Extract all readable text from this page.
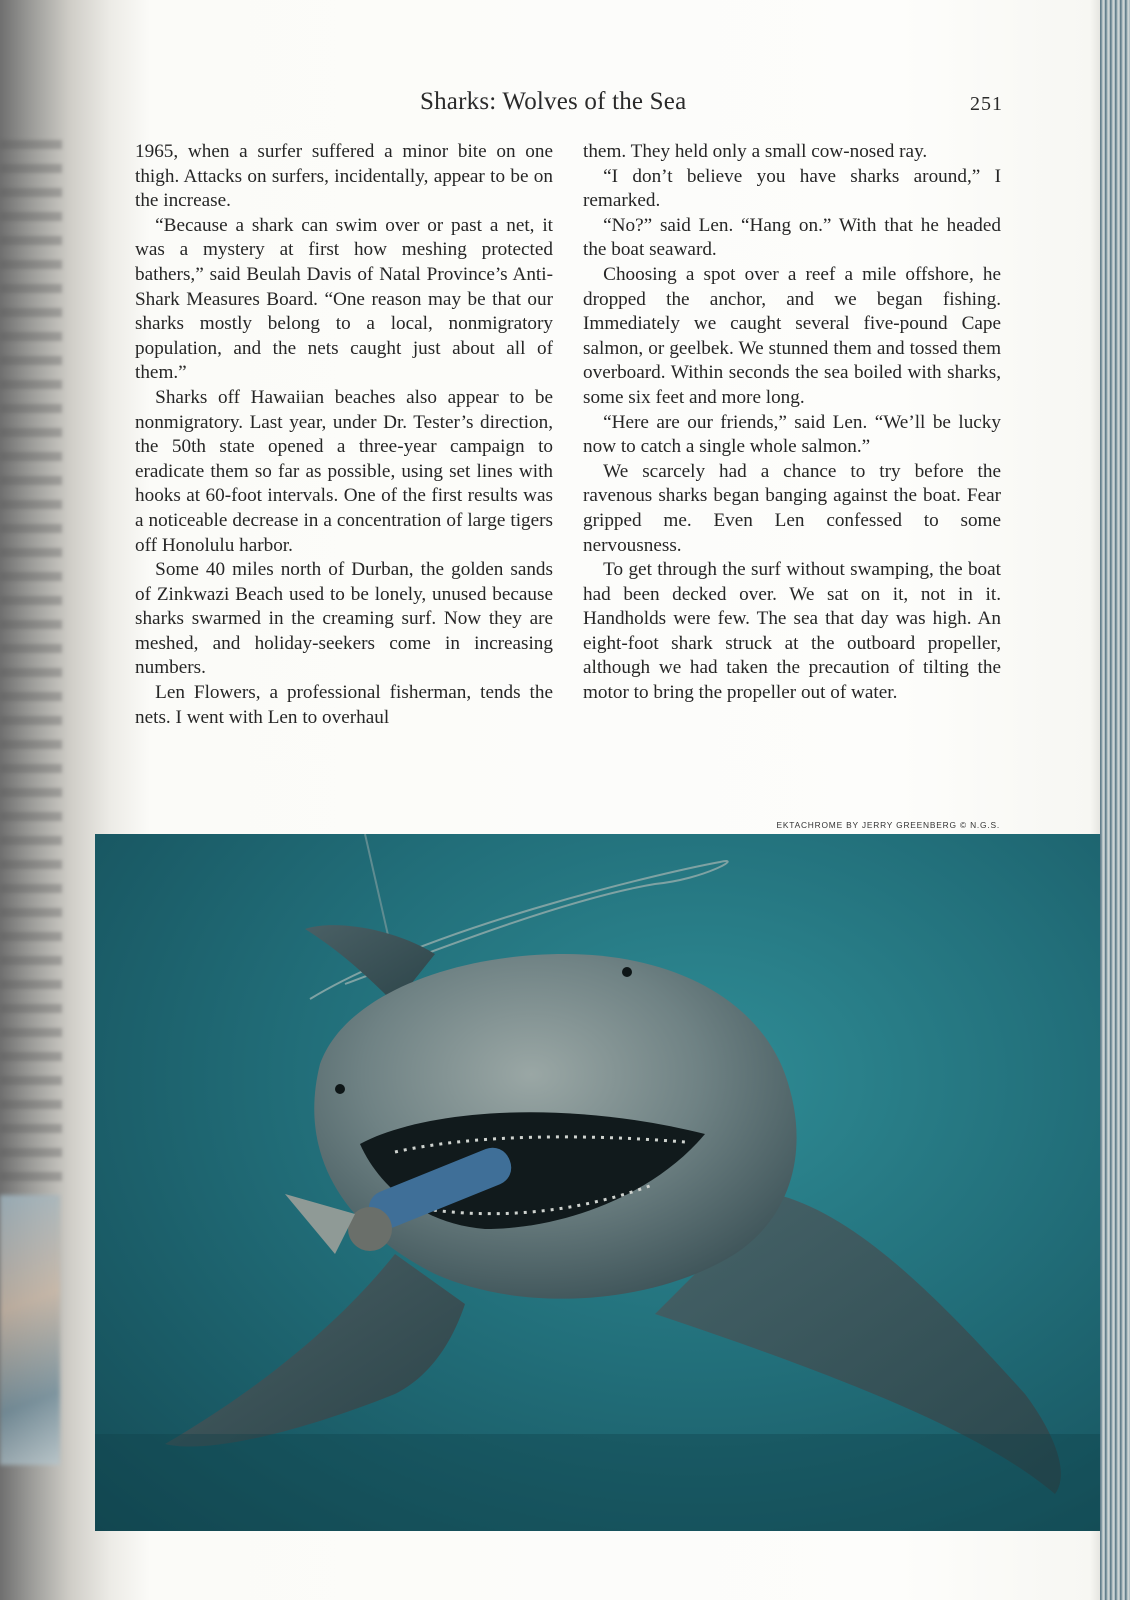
Sharks: Wolves of the Sea	251

1965, when a surfer suffered a minor bite on one thigh. Attacks on surfers, incidentally, appear to be on the increase.

“Because a shark can swim over or past a net, it was a mystery at first how meshing protected bathers,” said Beulah Davis of Natal Province’s Anti-Shark Measures Board. “One reason may be that our sharks mostly belong to a local, nonmigratory population, and the nets caught just about all of them.”

Sharks off Hawaiian beaches also appear to be nonmigratory. Last year, under Dr. Tester’s direction, the 50th state opened a three-year campaign to eradicate them so far as possible, using set lines with hooks at 60-foot intervals. One of the first results was a noticeable decrease in a concentration of large tigers off Honolulu harbor.

Some 40 miles north of Durban, the golden sands of Zinkwazi Beach used to be lonely, unused because sharks swarmed in the creaming surf. Now they are meshed, and holiday-seekers come in increasing numbers.

Len Flowers, a professional fisherman, tends the nets. I went with Len to overhaul

them. They held only a small cow-nosed ray.

“I don’t believe you have sharks around,” I remarked.

“No?” said Len. “Hang on.” With that he headed the boat seaward.

Choosing a spot over a reef a mile offshore, he dropped the anchor, and we began fishing. Immediately we caught several five-pound Cape salmon, or geelbek. We stunned them and tossed them overboard. Within seconds the sea boiled with sharks, some six feet and more long.

“Here are our friends,” said Len. “We’ll be lucky now to catch a single whole salmon.”

We scarcely had a chance to try before the ravenous sharks began banging against the boat. Fear gripped me. Even Len confessed to some nervousness.

To get through the surf without swamping, the boat had been decked over. We sat on it, not in it. Handholds were few. The sea that day was high. An eight-foot shark struck at the outboard propeller, although we had taken the precaution of tilting the motor to bring the propeller out of water.

EKTACHROME BY JERRY GREENBERG © N.G.S.
